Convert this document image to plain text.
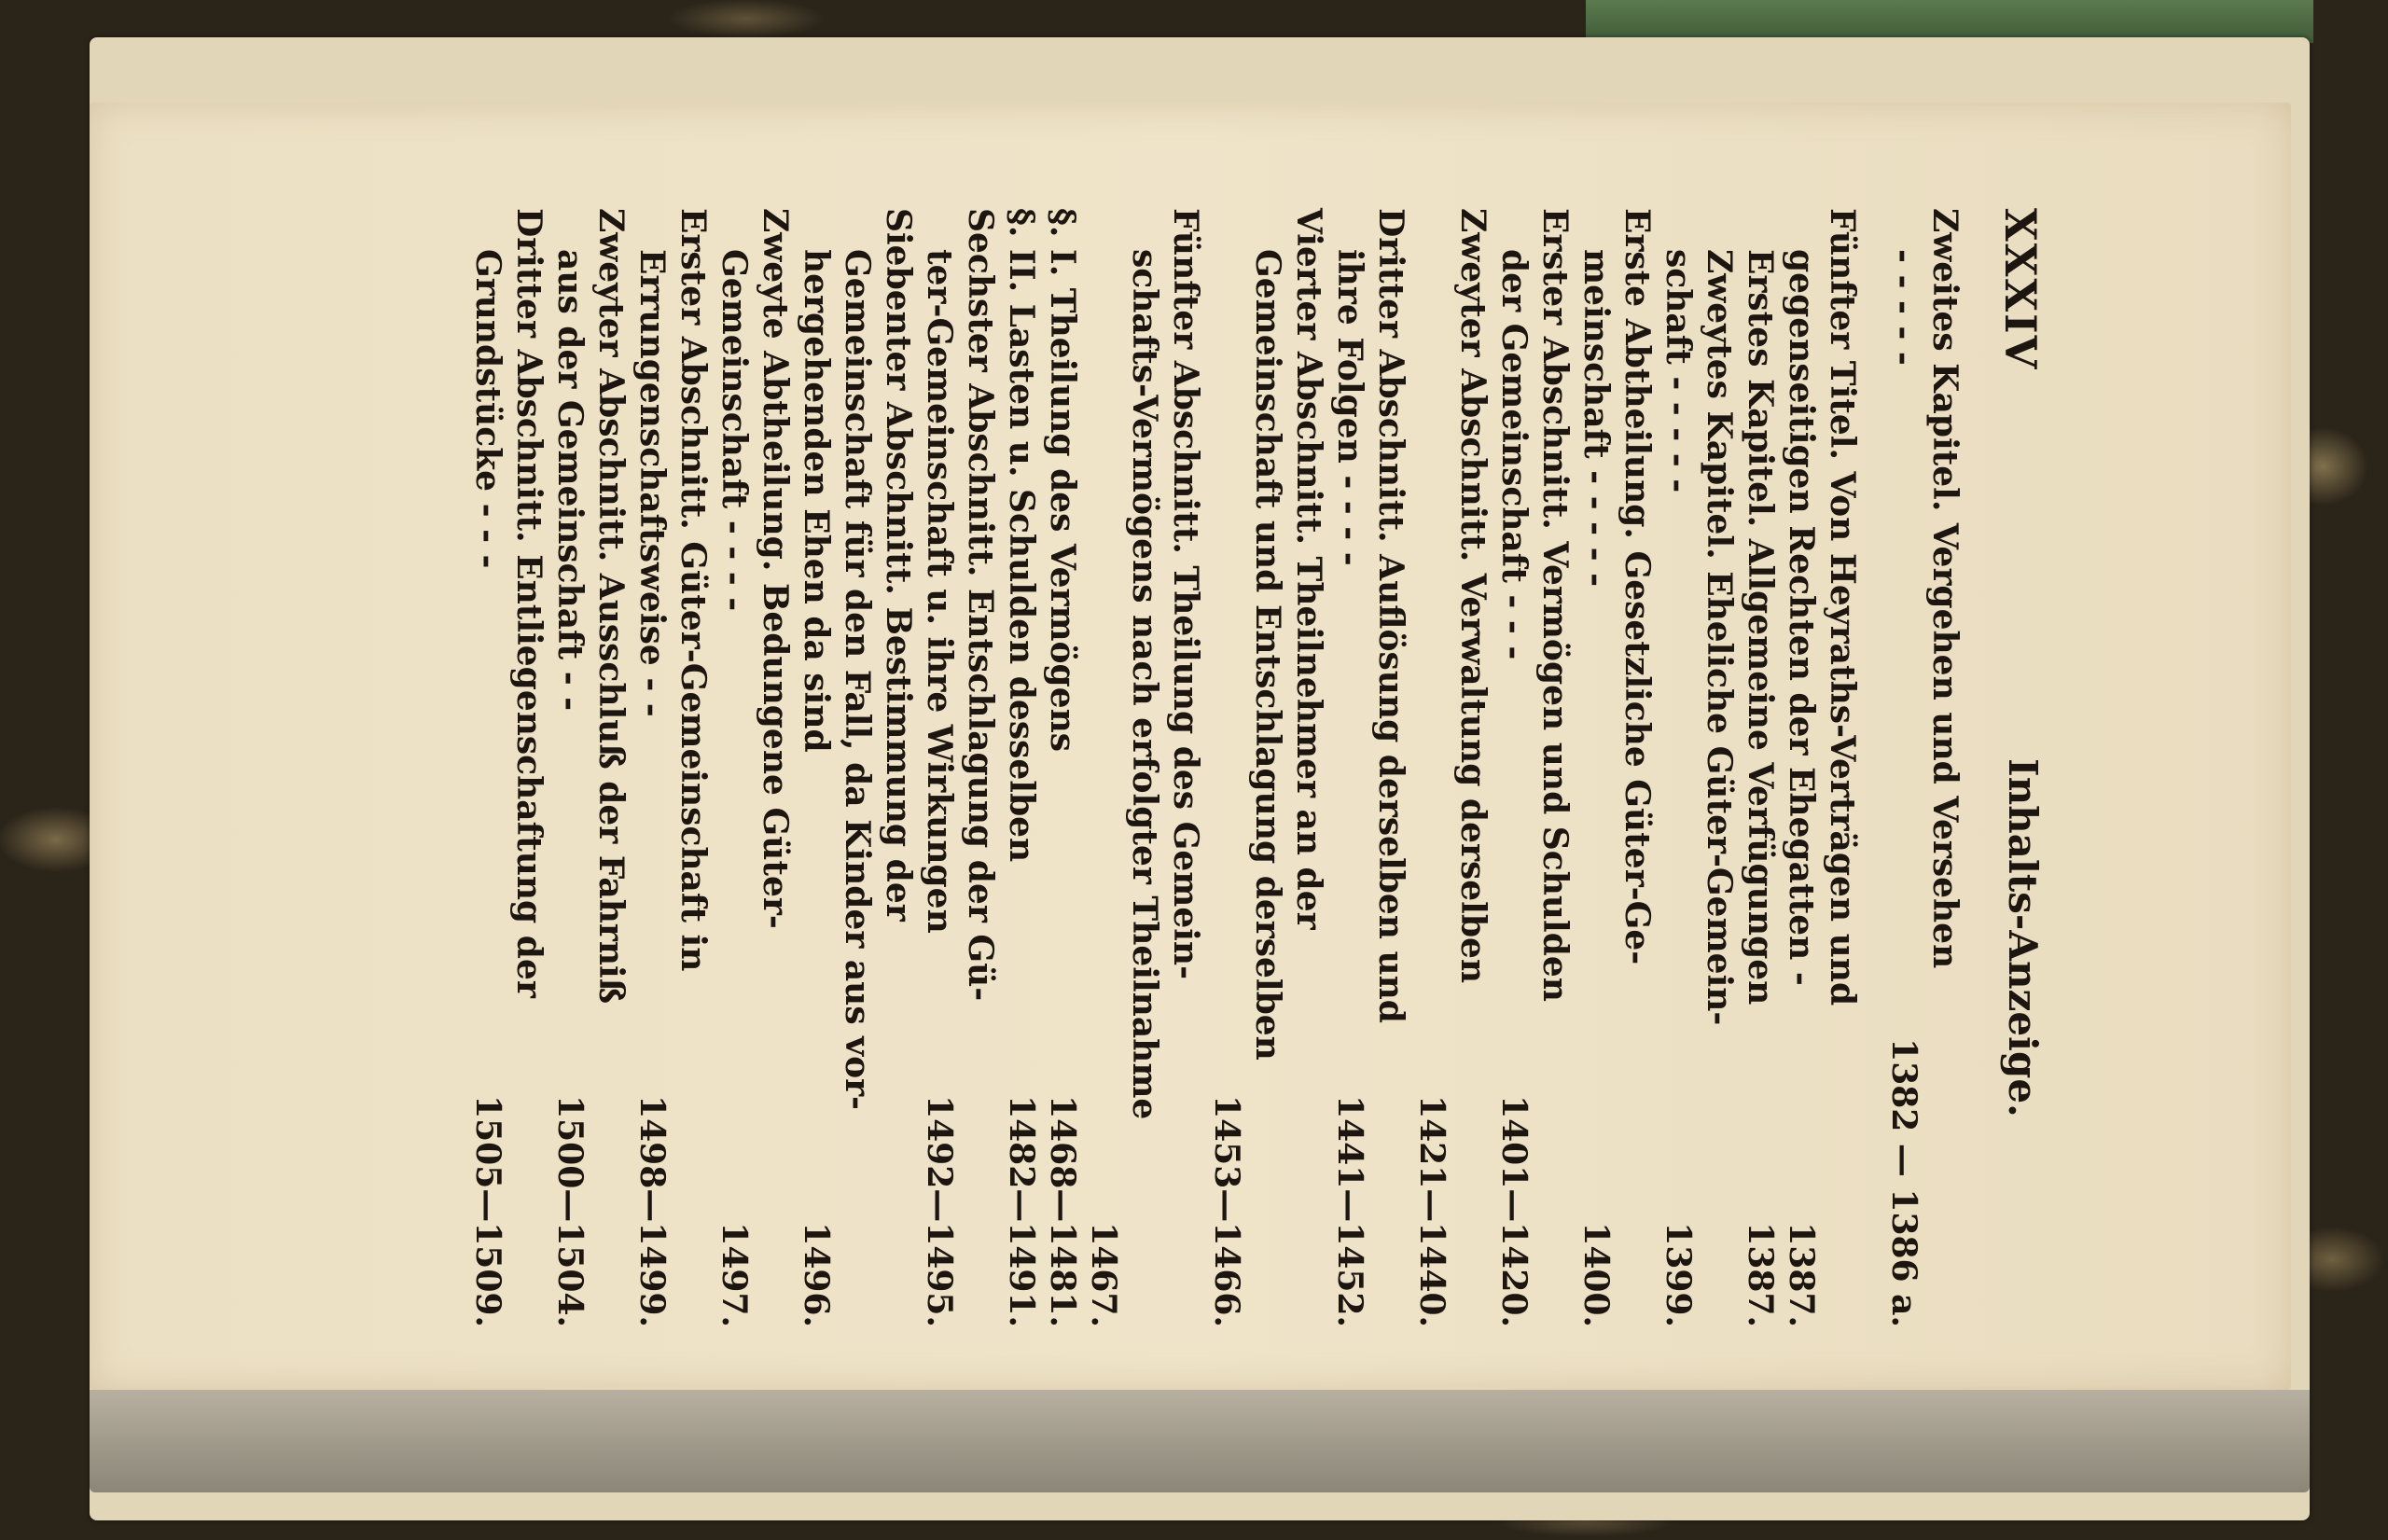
XXXIV
Inhalts-Anzeige.
Zweites Kapitel. Vergehen und Versehen
- - - - -
1382 — 1386 a.
Fünfter Titel. Von Heyraths-Verträgen und
gegenseitigen Rechten der Ehegatten -
1387.
Erstes Kapitel. Allgemeine Verfügungen
1387.
Zweytes Kapitel. Eheliche Güter-Gemein-
schaft - - - - -
1399.
Erste Abtheilung. Gesetzliche Güter-Ge-
meinschaft - - - - -
1400.
Erster Abschnitt. Vermögen und Schulden
der Gemeinschaft - - -
1401—1420.
Zweyter Abschnitt. Verwaltung derselben
1421—1440.
Dritter Abschnitt. Auflösung derselben und
ihre Folgen - - - -
1441—1452.
Vierter Abschnitt. Theilnehmer an der
Gemeinschaft und Entschlagung derselben
1453—1466.
Fünfter Abschnitt. Theilung des Gemein-
schafts-Vermögens nach erfolgter Theilnahme
1467.
§. I. Theilung des Vermögens
1468—1481.
§. II. Lasten u. Schulden desselben
1482—1491.
Sechster Abschnitt. Entschlagung der Gü-
ter-Gemeinschaft u. ihre Wirkungen
1492—1495.
Siebenter Abschnitt. Bestimmung der
Gemeinschaft für den Fall, da Kinder aus vor-
hergehenden Ehen da sind
1496.
Zweyte Abtheilung. Bedungene Güter-
Gemeinschaft - - - -
1497.
Erster Abschnitt. Güter-Gemeinschaft in
Errungenschaftsweise - -
1498—1499.
Zweyter Abschnitt. Ausschluß der Fahrniß
aus der Gemeinschaft - -
1500—1504.
Dritter Abschnitt. Entliegenschaftung der
Grundstücke - - -
1505—1509.
